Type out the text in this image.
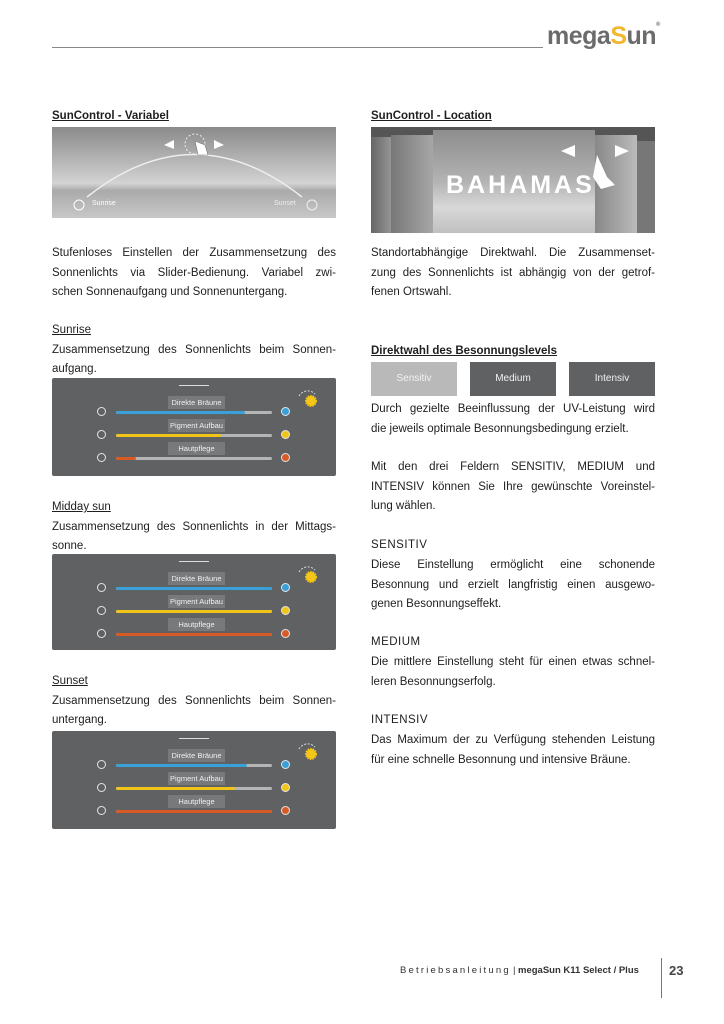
megaSun®
SunControl - Variabel
Sunrise	Sunset
Stufenloses Einstellen der Zusammensetzung des
Sonnenlichts via Slider-Bedienung. Variabel zwi-
schen Sonnenaufgang und Sonnenuntergang.
Sunrise
Zusammensetzung des Sonnenlichts beim Sonnen-
aufgang.
Direkte Bräune
Pigment Aufbau
Hautpflege
Midday sun
Zusammensetzung des Sonnenlichts in der Mittags-
sonne.
Direkte Bräune
Pigment Aufbau
Hautpflege
Sunset
Zusammensetzung des Sonnenlichts beim Sonnen-
untergang.
Direkte Bräune
Pigment Aufbau
Hautpflege
SunControl - Location
BAHAMAS
Standortabhängige Direktwahl. Die Zusammenset-
zung des Sonnenlichts ist abhängig von der getrof-
fenen Ortswahl.
Direktwahl des Besonnungslevels
Sensitiv	Medium	Intensiv
Durch gezielte Beeinflussung der UV-Leistung wird
die jeweils optimale Besonnungsbedingung erzielt.
Mit den drei Feldern SENSITIV, MEDIUM und
INTENSIV können Sie Ihre gewünschte Voreinstel-
lung wählen.
SENSITIV
Diese Einstellung ermöglicht eine schonende
Besonnung und erzielt langfristig einen ausgewo-
genen Besonnungseffekt.
MEDIUM
Die mittlere Einstellung steht für einen etwas schnel-
leren Besonnungserfolg.
INTENSIV
Das Maximum der zu Verfügung stehenden Leistung
für eine schnelle Besonnung und intensive Bräune.
Betriebsanleitung | megaSun K11 Select / Plus 23
